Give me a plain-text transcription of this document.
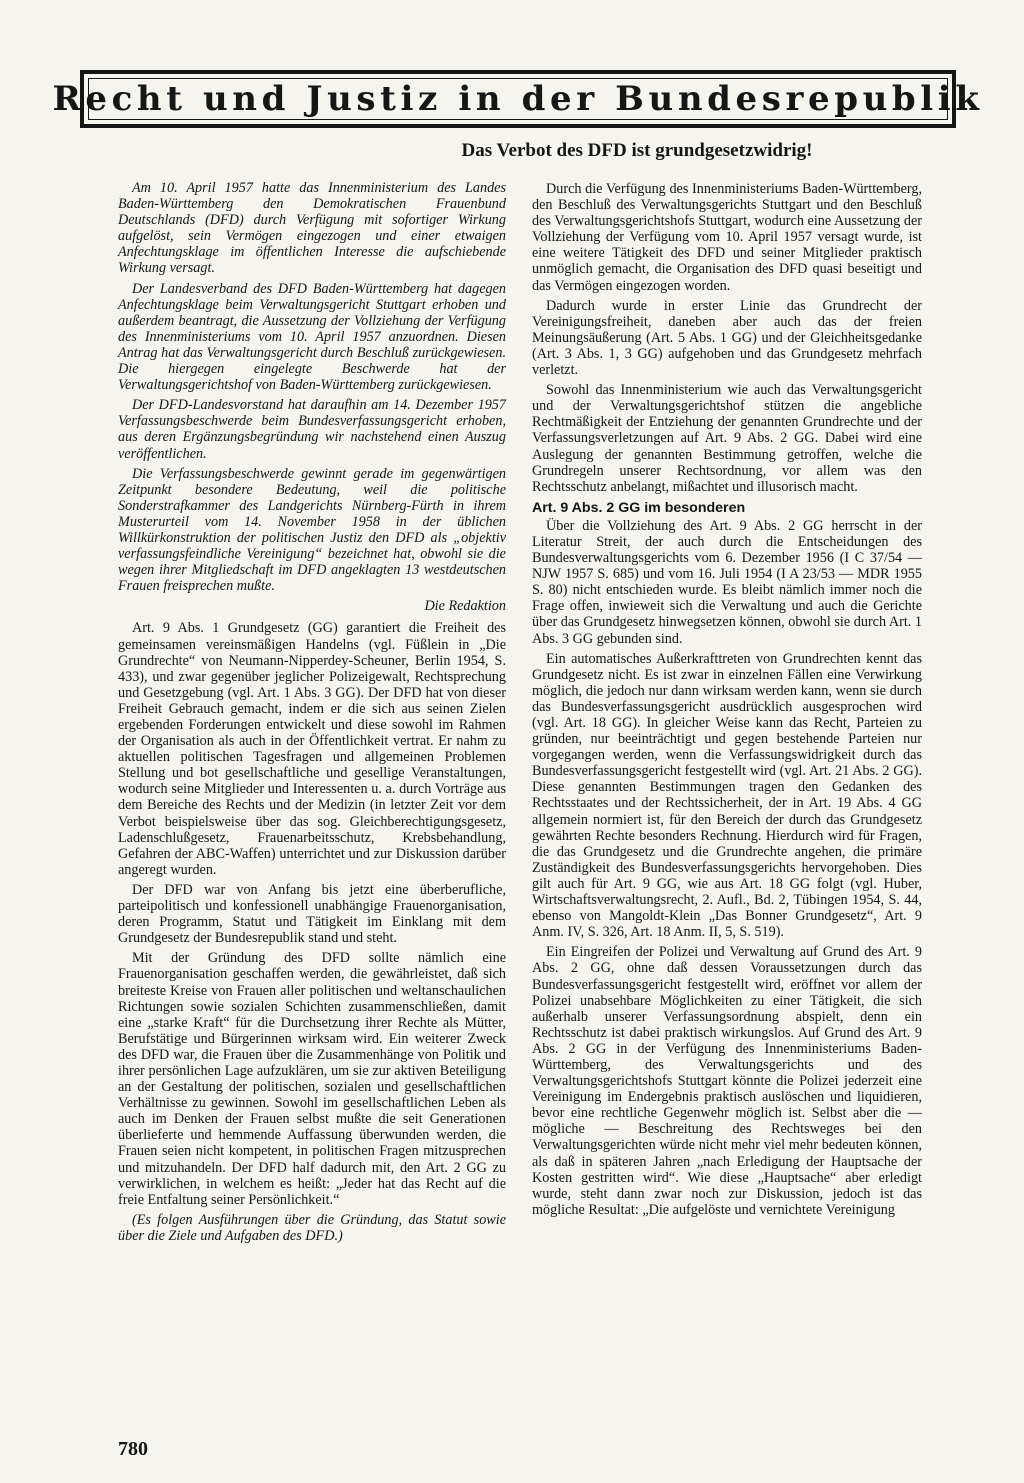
Recht und Justiz in der Bundesrepublik
Das Verbot des DFD ist grundgesetzwidrig!

Am 10. April 1957 hatte das Innenministerium des Landes Baden-Württemberg den Demokratischen Frauenbund Deutschlands (DFD) durch Verfügung mit sofortiger Wirkung aufgelöst, sein Vermögen eingezogen und einer etwaigen Anfechtungsklage im öffentlichen Interesse die aufschiebende Wirkung versagt.

Der Landesverband des DFD Baden-Württemberg hat dagegen Anfechtungsklage beim Verwaltungsgericht Stuttgart erhoben und außerdem beantragt, die Aussetzung der Vollziehung der Verfügung des Innenministeriums vom 10. April 1957 anzuordnen. Diesen Antrag hat das Verwaltungsgericht durch Beschluß zurückgewiesen. Die hiergegen eingelegte Beschwerde hat der Verwaltungsgerichtshof von Baden-Württemberg zurückgewiesen.

Der DFD-Landesvorstand hat daraufhin am 14. Dezember 1957 Verfassungsbeschwerde beim Bundesverfassungsgericht erhoben, aus deren Ergänzungsbegründung wir nachstehend einen Auszug veröffentlichen.

Die Verfassungsbeschwerde gewinnt gerade im gegenwärtigen Zeitpunkt besondere Bedeutung, weil die politische Sonderstrafkammer des Landgerichts Nürnberg-Fürth in ihrem Musterurteil vom 14. November 1958 in der üblichen Willkürkonstruktion der politischen Justiz den DFD als „objektiv verfassungsfeindliche Vereinigung“ bezeichnet hat, obwohl sie die wegen ihrer Mitgliedschaft im DFD angeklagten 13 westdeutschen Frauen freisprechen mußte.

Die Redaktion

Art. 9 Abs. 1 Grundgesetz (GG) garantiert die Freiheit des gemeinsamen vereinsmäßigen Handelns (vgl. Füßlein in „Die Grundrechte“ von Neumann-Nipperdey-Scheuner, Berlin 1954, S. 433), und zwar gegenüber jeglicher Polizeigewalt, Rechtsprechung und Gesetzgebung (vgl. Art. 1 Abs. 3 GG). Der DFD hat von dieser Freiheit Gebrauch gemacht, indem er die sich aus seinen Zielen ergebenden Forderungen entwickelt und diese sowohl im Rahmen der Organisation als auch in der Öffentlichkeit vertrat. Er nahm zu aktuellen politischen Tagesfragen und allgemeinen Problemen Stellung und bot gesellschaftliche und gesellige Veranstaltungen, wodurch seine Mitglieder und Interessenten u. a. durch Vorträge aus dem Bereiche des Rechts und der Medizin (in letzter Zeit vor dem Verbot beispielsweise über das sog. Gleichberechtigungsgesetz, Ladenschlußgesetz, Frauenarbeitsschutz, Krebsbehandlung, Gefahren der ABC-Waffen) unterrichtet und zur Diskussion darüber angeregt wurden.

Der DFD war von Anfang bis jetzt eine überberufliche, parteipolitisch und konfessionell unabhängige Frauenorganisation, deren Programm, Statut und Tätigkeit im Einklang mit dem Grundgesetz der Bundesrepublik stand und steht.

Mit der Gründung des DFD sollte nämlich eine Frauenorganisation geschaffen werden, die gewährleistet, daß sich breiteste Kreise von Frauen aller politischen und weltanschaulichen Richtungen sowie sozialen Schichten zusammenschließen, damit eine „starke Kraft“ für die Durchsetzung ihrer Rechte als Mütter, Berufstätige und Bürgerinnen wirksam wird. Ein weiterer Zweck des DFD war, die Frauen über die Zusammenhänge von Politik und ihrer persönlichen Lage aufzuklären, um sie zur aktiven Beteiligung an der Gestaltung der politischen, sozialen und gesellschaftlichen Verhältnisse zu gewinnen. Sowohl im gesellschaftlichen Leben als auch im Denken der Frauen selbst mußte die seit Generationen überlieferte und hemmende Auffassung überwunden werden, die Frauen seien nicht kompetent, in politischen Fragen mitzusprechen und mitzuhandeln. Der DFD half dadurch mit, den Art. 2 GG zu verwirklichen, in welchem es heißt: „Jeder hat das Recht auf die freie Entfaltung seiner Persönlichkeit.“

(Es folgen Ausführungen über die Gründung, das Statut sowie über die Ziele und Aufgaben des DFD.)

Durch die Verfügung des Innenministeriums Baden-Württemberg, den Beschluß des Verwaltungsgerichts Stuttgart und den Beschluß des Verwaltungsgerichtshofs Stuttgart, wodurch eine Aussetzung der Vollziehung der Verfügung vom 10. April 1957 versagt wurde, ist eine weitere Tätigkeit des DFD und seiner Mitglieder praktisch unmöglich gemacht, die Organisation des DFD quasi beseitigt und das Vermögen eingezogen worden.

Dadurch wurde in erster Linie das Grundrecht der Vereinigungsfreiheit, daneben aber auch das der freien Meinungsäußerung (Art. 5 Abs. 1 GG) und der Gleichheitsgedanke (Art. 3 Abs. 1, 3 GG) aufgehoben und das Grundgesetz mehrfach verletzt.

Sowohl das Innenministerium wie auch das Verwaltungsgericht und der Verwaltungsgerichtshof stützen die angebliche Rechtmäßigkeit der Entziehung der genannten Grundrechte und der Verfassungsverletzungen auf Art. 9 Abs. 2 GG. Dabei wird eine Auslegung der genannten Bestimmung getroffen, welche die Grundregeln unserer Rechtsordnung, vor allem was den Rechtsschutz anbelangt, mißachtet und illusorisch macht.

Art. 9 Abs. 2 GG im besonderen

Über die Vollziehung des Art. 9 Abs. 2 GG herrscht in der Literatur Streit, der auch durch die Entscheidungen des Bundesverwaltungsgerichts vom 6. Dezember 1956 (I C 37/54 — NJW 1957 S. 685) und vom 16. Juli 1954 (I A 23/53 — MDR 1955 S. 80) nicht entschieden wurde. Es bleibt nämlich immer noch die Frage offen, inwieweit sich die Verwaltung und auch die Gerichte über das Grundgesetz hinwegsetzen können, obwohl sie durch Art. 1 Abs. 3 GG gebunden sind.

Ein automatisches Außerkrafttreten von Grundrechten kennt das Grundgesetz nicht. Es ist zwar in einzelnen Fällen eine Verwirkung möglich, die jedoch nur dann wirksam werden kann, wenn sie durch das Bundesverfassungsgericht ausdrücklich ausgesprochen wird (vgl. Art. 18 GG). In gleicher Weise kann das Recht, Parteien zu gründen, nur beeinträchtigt und gegen bestehende Parteien nur vorgegangen werden, wenn die Verfassungswidrigkeit durch das Bundesverfassungsgericht festgestellt wird (vgl. Art. 21 Abs. 2 GG). Diese genannten Bestimmungen tragen den Gedanken des Rechtsstaates und der Rechtssicherheit, der in Art. 19 Abs. 4 GG allgemein normiert ist, für den Bereich der durch das Grundgesetz gewährten Rechte besonders Rechnung. Hierdurch wird für Fragen, die das Grundgesetz und die Grundrechte angehen, die primäre Zuständigkeit des Bundesverfassungsgerichts hervorgehoben. Dies gilt auch für Art. 9 GG, wie aus Art. 18 GG folgt (vgl. Huber, Wirtschaftsverwaltungsrecht, 2. Aufl., Bd. 2, Tübingen 1954, S. 44, ebenso von Mangoldt-Klein „Das Bonner Grundgesetz“, Art. 9 Anm. IV, S. 326, Art. 18 Anm. II, 5, S. 519).

Ein Eingreifen der Polizei und Verwaltung auf Grund des Art. 9 Abs. 2 GG, ohne daß dessen Voraussetzungen durch das Bundesverfassungsgericht festgestellt wird, eröffnet vor allem der Polizei unabsehbare Möglichkeiten zu einer Tätigkeit, die sich außerhalb unserer Verfassungsordnung abspielt, denn ein Rechtsschutz ist dabei praktisch wirkungslos. Auf Grund des Art. 9 Abs. 2 GG in der Verfügung des Innenministeriums Baden-Württemberg, des Verwaltungsgerichts und des Verwaltungsgerichtshofs Stuttgart könnte die Polizei jederzeit eine Vereinigung im Endergebnis praktisch auslöschen und liquidieren, bevor eine rechtliche Gegenwehr möglich ist. Selbst aber die — mögliche — Beschreitung des Rechtsweges bei den Verwaltungsgerichten würde nicht mehr viel mehr bedeuten können, als daß in späteren Jahren „nach Erledigung der Hauptsache der Kosten gestritten wird“. Wie diese „Hauptsache“ aber erledigt wurde, steht dann zwar noch zur Diskussion, jedoch ist das mögliche Resultat: „Die aufgelöste und vernichtete Vereinigung

780
